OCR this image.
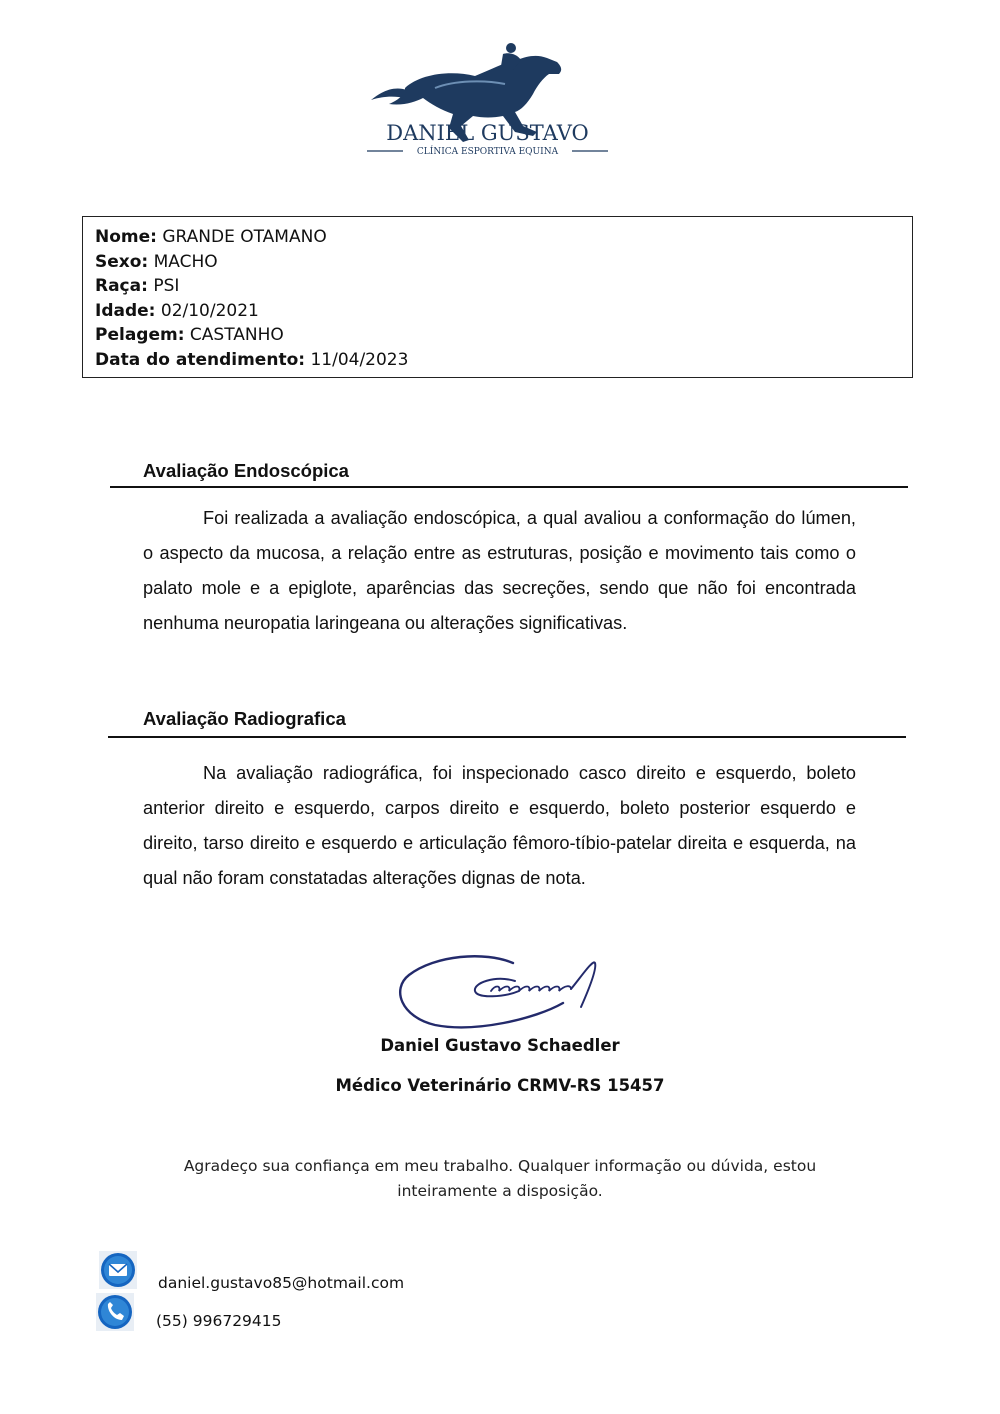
DANIEL GUSTAVO
CLÍNICA ESPORTIVA EQUINA
Nome: GRANDE OTAMANO
Sexo: MACHO
Raça: PSI
Idade: 02/10/2021
Pelagem: CASTANHO
Data do atendimento: 11/04/2023
Avaliação Endoscópica
Foi realizada a avaliação endoscópica, a qual avaliou a conformação do lúmen, o aspecto da mucosa, a relação entre as estruturas, posição e movimento tais como o palato mole e a epiglote, aparências das secreções, sendo que não foi encontrada nenhuma neuropatia laringeana ou alterações significativas.
Avaliação Radiografica
Na avaliação radiográfica, foi inspecionado casco direito e esquerdo, boleto anterior direito e esquerdo, carpos direito e esquerdo, boleto posterior esquerdo e direito, tarso direito e esquerdo e articulação fêmoro-tíbio-patelar direita e esquerda, na qual não foram constatadas alterações dignas de nota.
Daniel Gustavo Schaedler
Médico Veterinário CRMV-RS 15457
Agradeço sua confiança em meu trabalho. Qualquer informação ou dúvida, estou inteiramente a disposição.
daniel.gustavo85@hotmail.com
(55) 996729415
